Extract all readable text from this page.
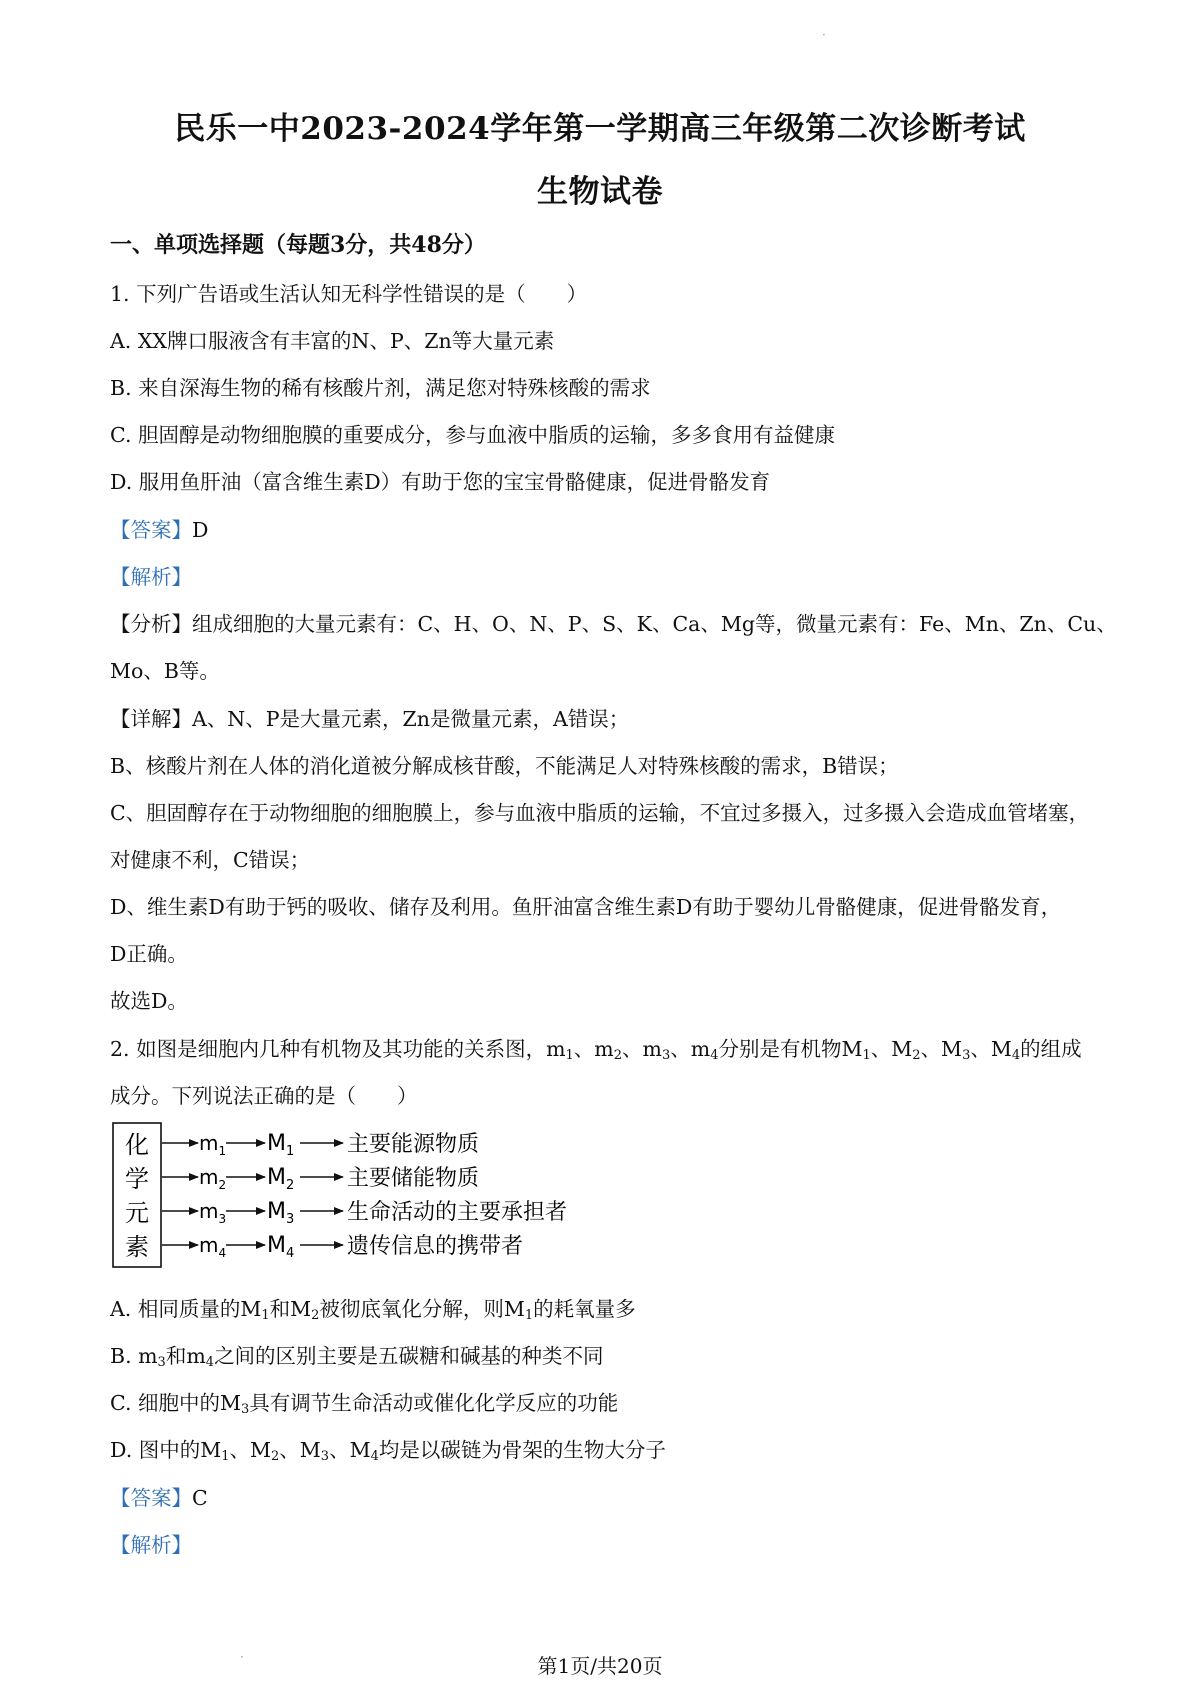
·
民乐一中2023-2024学年第一学期高三年级第二次诊断考试
生物试卷
一、单项选择题（每题3分，共48分）
1. 下列广告语或生活认知无科学性错误的是（　　）
A. XX牌口服液含有丰富的N、P、Zn等大量元素
B. 来自深海生物的稀有核酸片剂，满足您对特殊核酸的需求
C. 胆固醇是动物细胞膜的重要成分，参与血液中脂质的运输，多多食用有益健康
D. 服用鱼肝油（富含维生素D）有助于您的宝宝骨骼健康，促进骨骼发育
【答案】D
【解析】
【分析】组成细胞的大量元素有：C、H、O、N、P、S、K、Ca、Mg等，微量元素有：Fe、Mn、Zn、Cu、
Mo、B等。
【详解】A、N、P是大量元素，Zn是微量元素，A错误；
B、核酸片剂在人体的消化道被分解成核苷酸，不能满足人对特殊核酸的需求，B错误；
C、胆固醇存在于动物细胞的细胞膜上，参与血液中脂质的运输，不宜过多摄入，过多摄入会造成血管堵塞，
对健康不利，C错误；
D、维生素D有助于钙的吸收、储存及利用。鱼肝油富含维生素D有助于婴幼儿骨骼健康，促进骨骼发育，
D正确。
故选D。
2. 如图是细胞内几种有机物及其功能的关系图，$m_1$、$m_2$、$m_3$、$m_4$分别是有机物$M_1$、$M_2$、$M_3$、$M_4$的组成
成分。下列说法正确的是（　　）
化
学
元
素
$m_1$ $M_1$ 主要能源物质
$m_2$ $M_2$ 主要储能物质
$m_3$ $M_3$ 生命活动的主要承担者
$m_4$ $M_4$ 遗传信息的携带者
A. 相同质量的$M_1$和$M_2$被彻底氧化分解，则$M_1$的耗氧量多
B. $m_3$和$m_4$之间的区别主要是五碳糖和碱基的种类不同
C. 细胞中的$M_3$具有调节生命活动或催化化学反应的功能
D. 图中的$M_1$、$M_2$、$M_3$、$M_4$均是以碳链为骨架的生物大分子
【答案】C
【解析】
·	第1页/共20页
